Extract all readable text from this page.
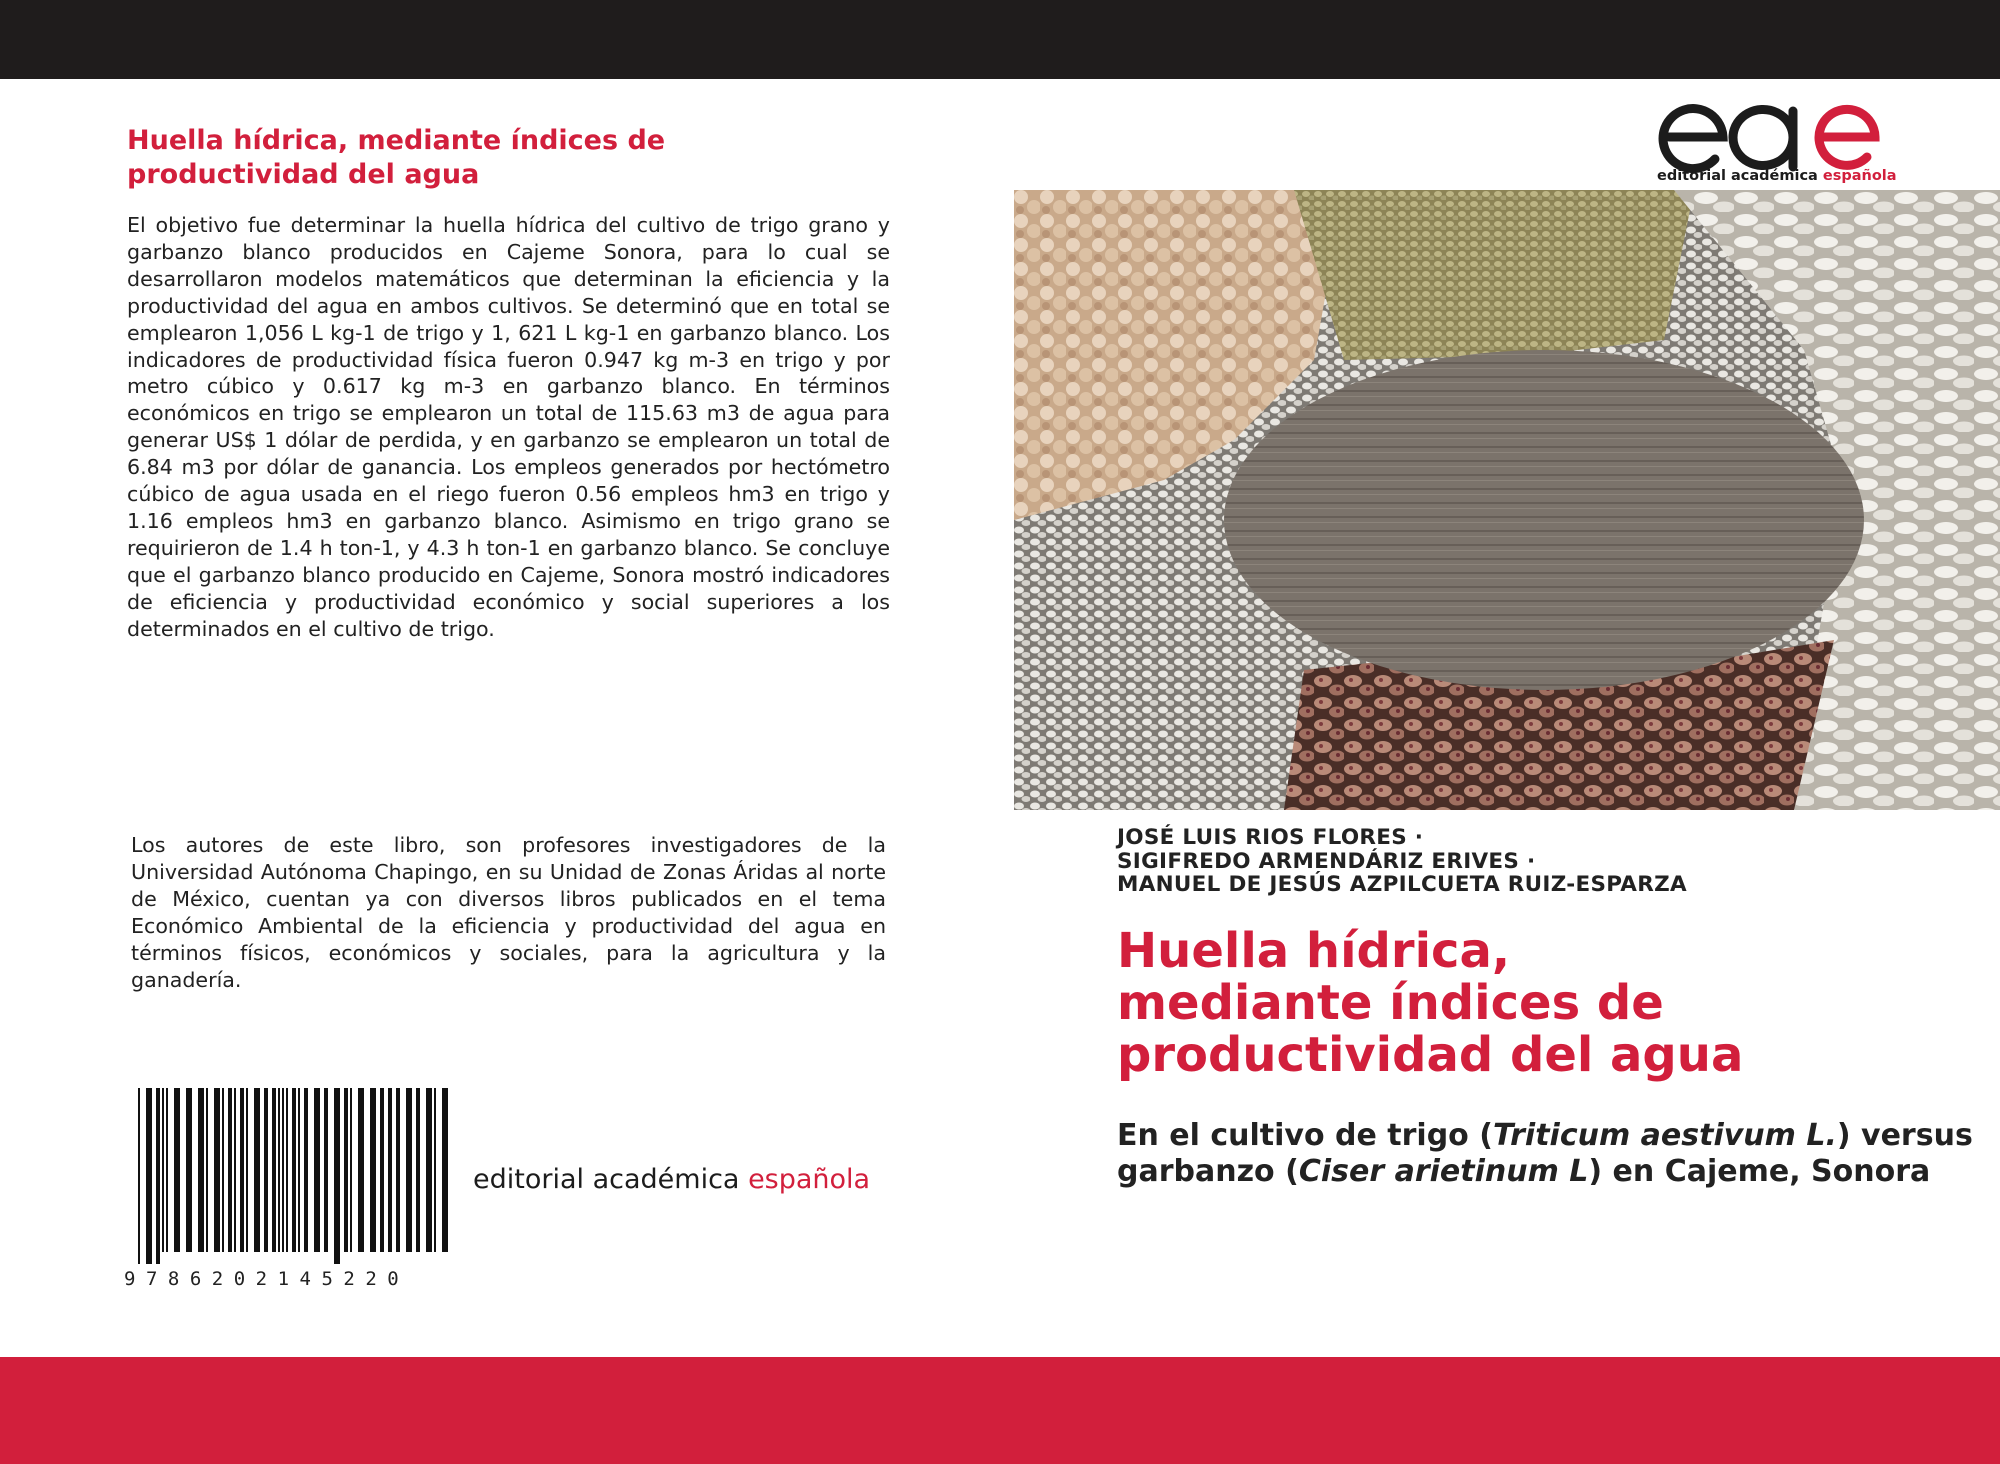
Huella hídrica, mediante índices de
productividad del agua

El objetivo fue determinar la huella hídrica del cultivo de trigo grano y garbanzo blanco producidos en Cajeme Sonora, para lo cual se desarrollaron modelos matemáticos que determinan la eficiencia y la productividad del agua en ambos cultivos. Se determinó que en total se emplearon 1,056 L kg-1 de trigo y 1, 621 L kg-1 en garbanzo blanco. Los indicadores de productividad física fueron 0.947 kg m-3 en trigo y por metro cúbico y 0.617 kg m-3 en garbanzo blanco. En términos económicos en trigo se emplearon un total de 115.63 m3 de agua para generar US$ 1 dólar de perdida, y en garbanzo se emplearon un total de 6.84 m3 por dólar de ganancia. Los empleos generados por hectómetro cúbico de agua usada en el riego fueron 0.56 empleos hm3 en trigo y 1.16 empleos hm3 en garbanzo blanco. Asimismo en trigo grano se requirieron de 1.4 h ton-1, y 4.3 h ton-1 en garbanzo blanco. Se concluye que el garbanzo blanco producido en Cajeme, Sonora mostró indicadores de eficiencia y productividad económico y social superiores a los determinados en el cultivo de trigo.

Los autores de este libro, son profesores investigadores de la Universidad Autónoma Chapingo, en su Unidad de Zonas Áridas al norte de México, cuentan ya con diversos libros publicados en el tema Económico Ambiental de la eficiencia y productividad del agua en términos físicos, económicos y sociales, para la agricultura y la ganadería.

9786202145220
editorial académica española
editorial académica española
JOSÉ LUIS RIOS FLORES ·
SIGIFREDO ARMENDÁRIZ ERIVES ·
MANUEL DE JESÚS AZPILCUETA RUIZ-ESPARZA
Huella hídrica,
mediante índices de
productividad del agua
En el cultivo de trigo (Triticum aestivum L.) versus garbanzo (Ciser arietinum L) en Cajeme, Sonora
